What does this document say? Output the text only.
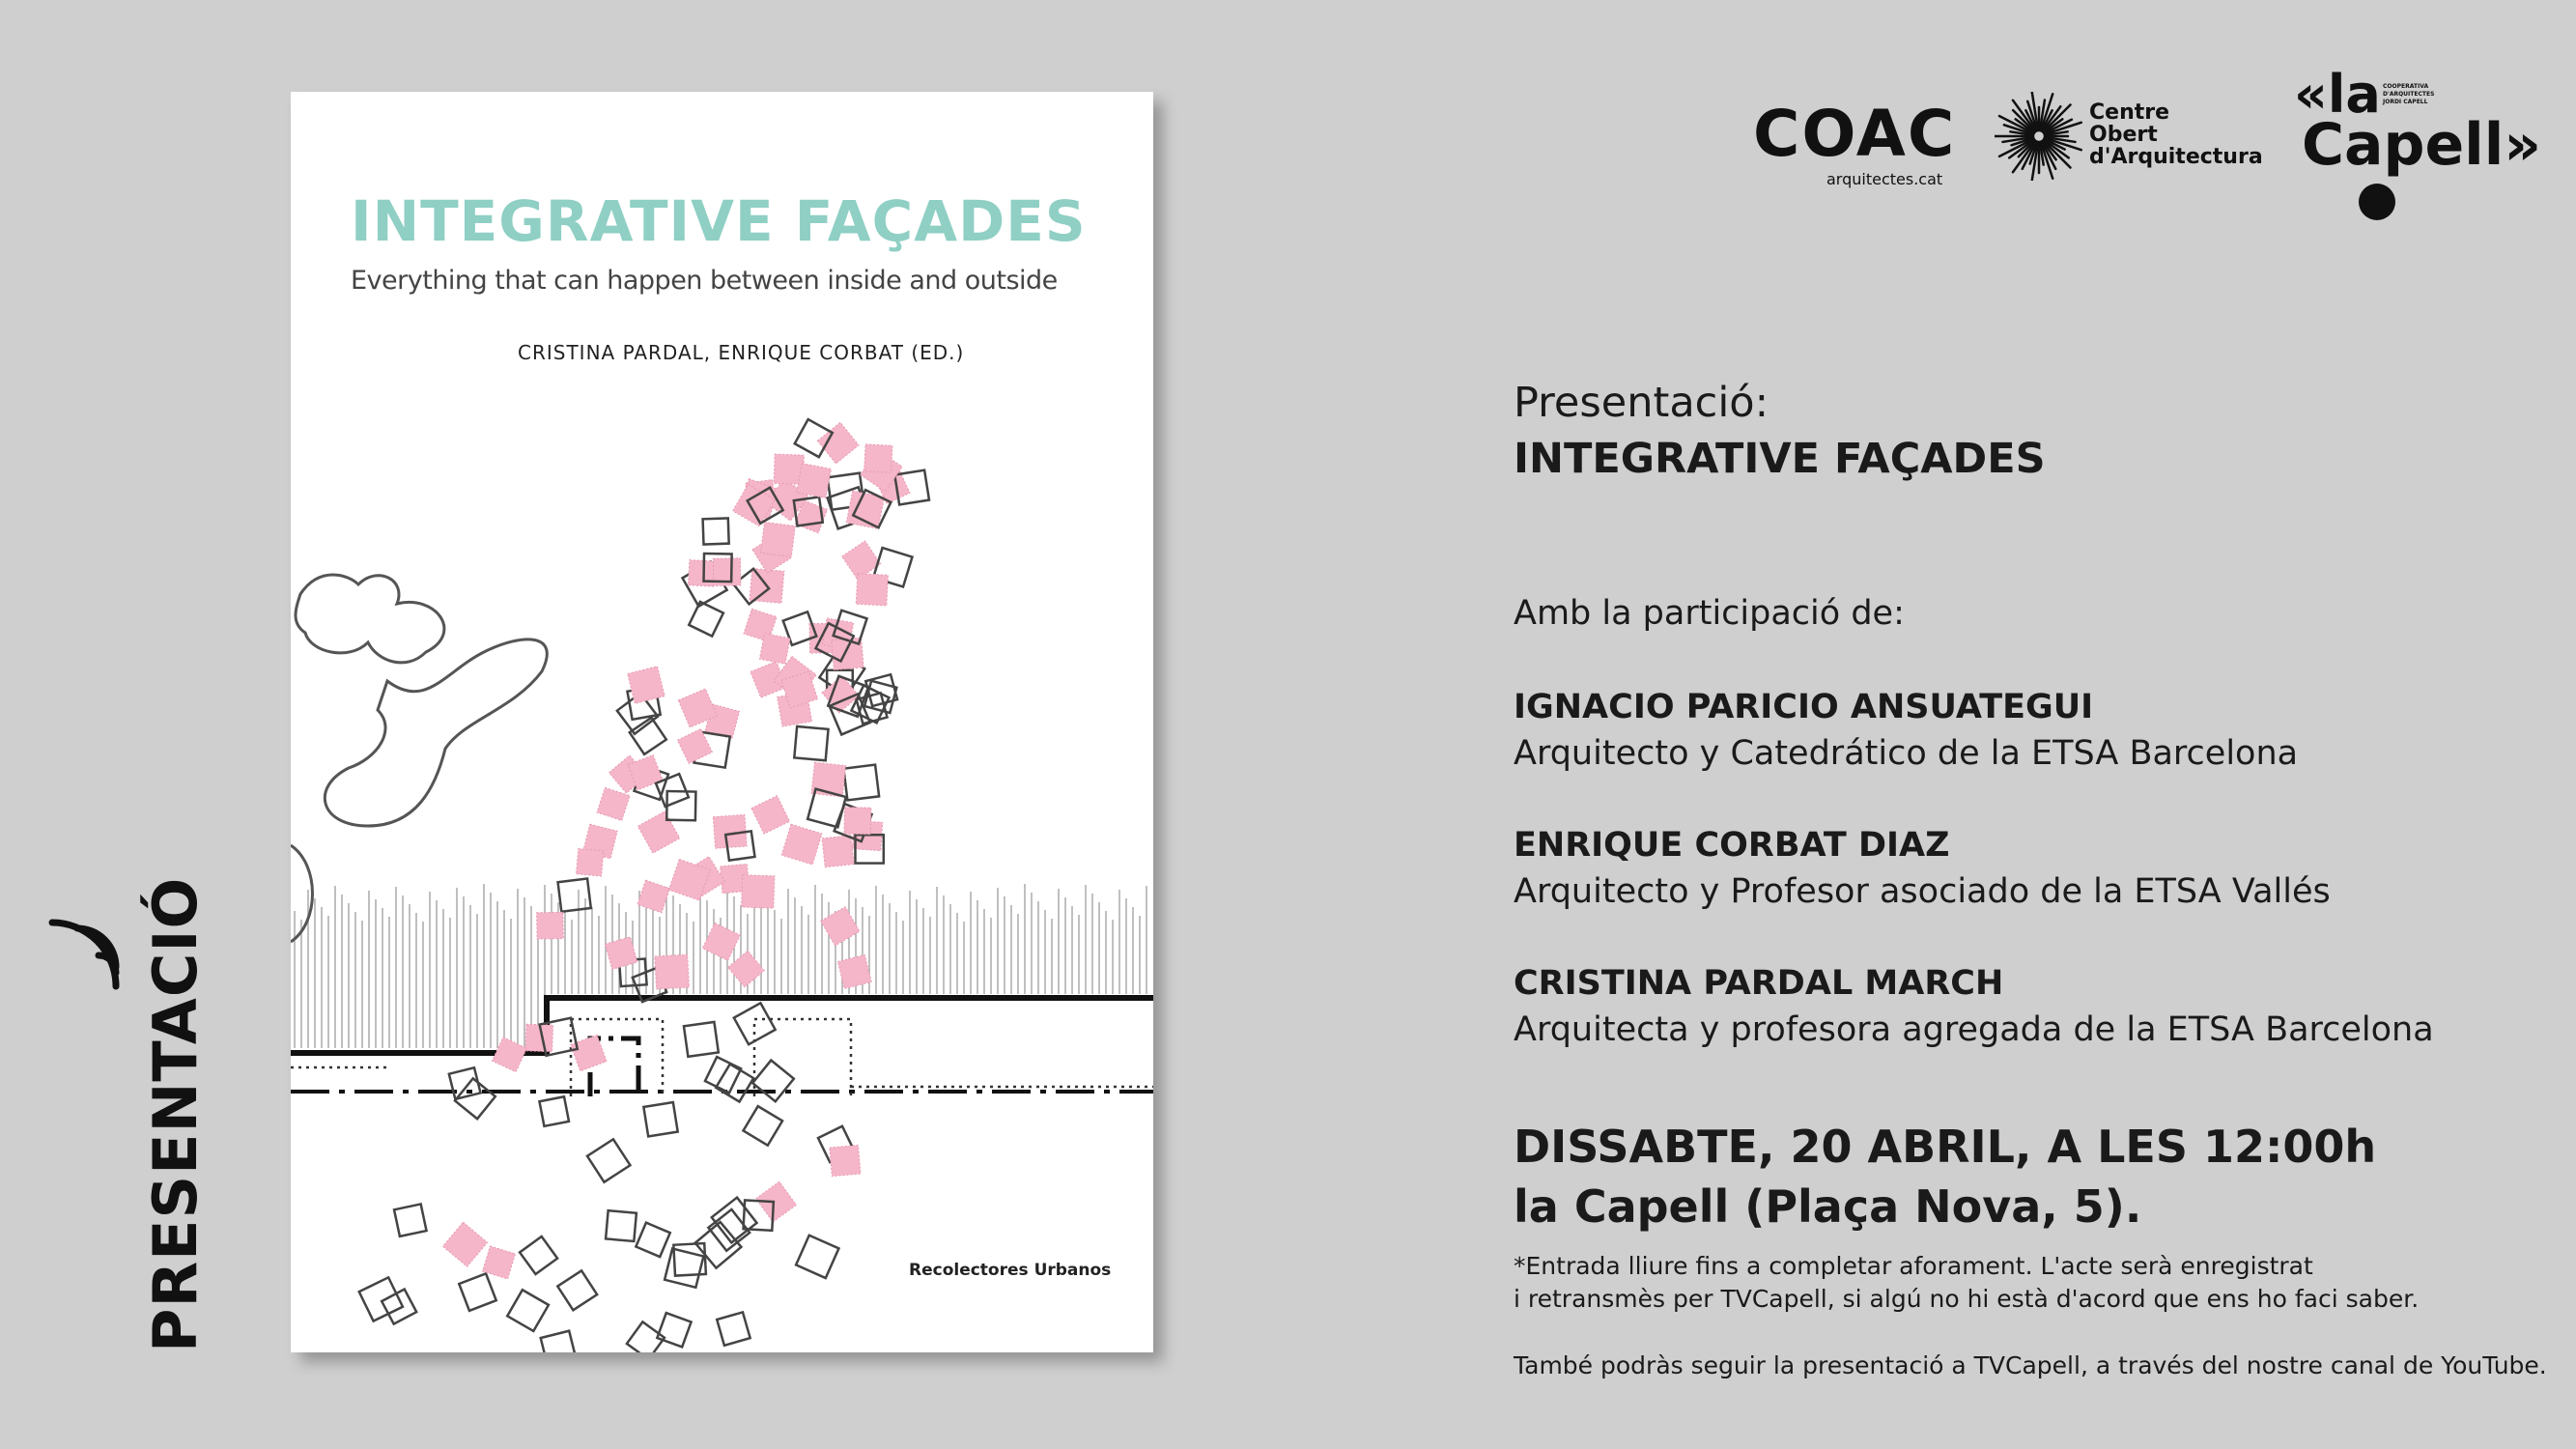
PRESENTACIÓ
INTEGRATIVE FAÇADES
Everything that can happen between inside and outside
CRISTINA PARDAL, ENRIQUE CORBAT (ED.)
Recolectores Urbanos
COAC
arquitectes.cat
Centre
Obert
d'Arquitectura
«la COOPERATIVA
D'ARQUITECTES
JORDI CAPELL
Capell»
Presentació:
INTEGRATIVE FAÇADES
Amb la participació de:
IGNACIO PARICIO ANSUATEGUI
Arquitecto y Catedrático de la ETSA Barcelona
ENRIQUE CORBAT DIAZ
Arquitecto y Profesor asociado de la ETSA Vallés
CRISTINA PARDAL MARCH
Arquitecta y profesora agregada de la ETSA Barcelona
DISSABTE, 20 ABRIL, A LES 12:00h
la Capell (Plaça Nova, 5).
*Entrada lliure fins a completar aforament. L'acte serà enregistrat
i retransmès per TVCapell, si algú no hi està d'acord que ens ho faci saber.
També podràs seguir la presentació a TVCapell, a través del nostre canal de YouTube.
